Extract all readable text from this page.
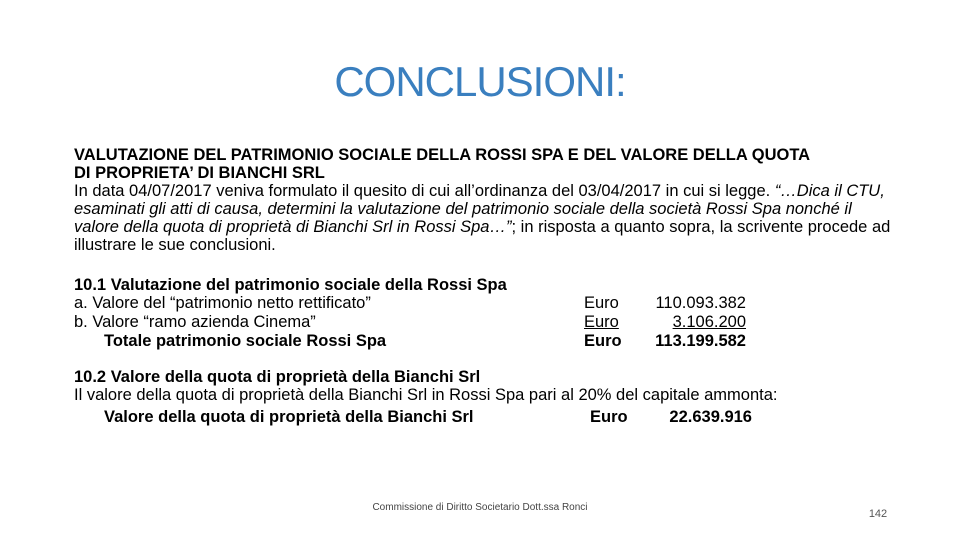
CONCLUSIONI:
VALUTAZIONE DEL PATRIMONIO SOCIALE DELLA ROSSI SPA E DEL VALORE DELLA QUOTA
DI PROPRIETA’ DI BIANCHI SRL
In data 04/07/2017 veniva formulato il quesito di cui all’ordinanza del 03/04/2017 in cui si legge. “…Dica il CTU, esaminati gli atti di causa, determini la valutazione del patrimonio sociale della società Rossi Spa nonché il valore della quota di proprietà di Bianchi Srl in Rossi Spa…”; in risposta a quanto sopra, la scrivente procede ad illustrare le sue conclusioni.
10.1 Valutazione del patrimonio sociale della Rossi Spa
a. Valore del “patrimonio netto rettificato”	Euro	110.093.382
b. Valore “ramo azienda Cinema”	Euro	3.106.200
Totale patrimonio sociale Rossi Spa	Euro	113.199.582
10.2 Valore della quota di proprietà della Bianchi Srl
Il valore della quota di proprietà della Bianchi Srl in Rossi Spa pari al 20% del capitale ammonta:
Valore della quota di proprietà della Bianchi Srl	Euro	22.639.916
Commissione di Diritto Societario Dott.ssa Ronci
142
